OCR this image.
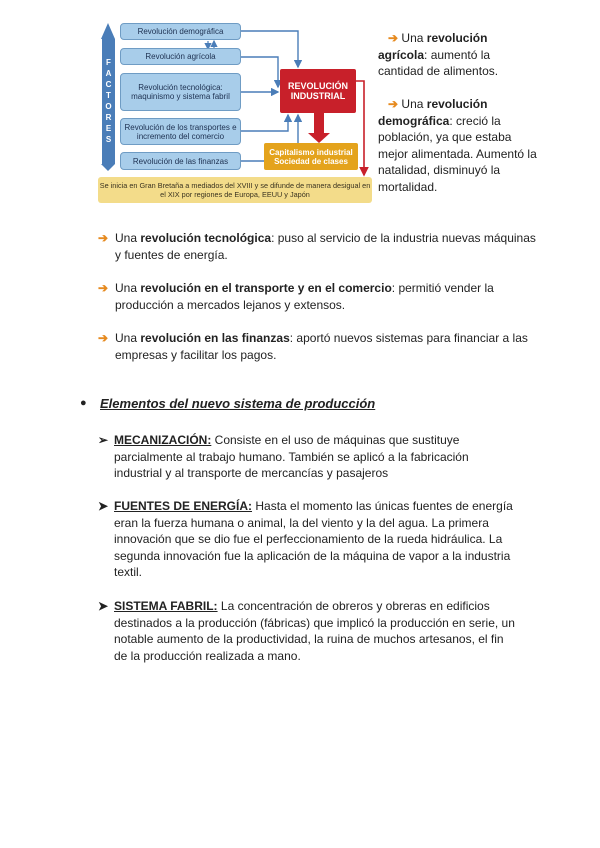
F
A
C
T
O
R
E
S
Revolución demográfica
Revolución agrícola
Revolución tecnológica: maquinismo y sistema fabril
Revolución de los transportes e incremento del comercio
Revolución de las finanzas
REVOLUCIÓN INDUSTRIAL
Capitalismo industrial Sociedad de clases
Se inicia en Gran Bretaña a mediados del XVIII y se difunde de manera desigual en el XIX por regiones de Europa, EEUU y Japón
➔ Una revolución agrícola: aumentó la cantidad de alimentos.
➔ Una revolución demográfica: creció la población, ya que estaba mejor alimentada. Aumentó la natalidad, disminuyó la mortalidad.
➔ Una revolución tecnológica: puso al servicio de la industria nuevas máquinas y fuentes de energía.
➔ Una revolución en el transporte y en el comercio: permitió vender la producción a mercados lejanos y extensos.
➔ Una revolución en las finanzas: aportó nuevos sistemas para financiar a las empresas y facilitar los pagos.
● Elementos del nuevo sistema de producción
➢ MECANIZACIÓN: Consiste en el uso de máquinas que sustituye parcialmente al trabajo humano. También se aplicó a la fabricación industrial y al transporte de mercancías y pasajeros
➤ FUENTES DE ENERGÍA: Hasta el momento las únicas fuentes de energía eran la fuerza humana o animal, la del viento y la del agua. La primera innovación que se dio fue el perfeccionamiento de la rueda hidráulica. La segunda innovación fue la aplicación de la máquina de vapor a la industria textil.
➤ SISTEMA FABRIL: La concentración de obreros y obreras en edificios destinados a la producción (fábricas) que implicó la producción en serie, un notable aumento de la productividad, la ruina de muchos artesanos, el fin de la producción realizada a mano.
